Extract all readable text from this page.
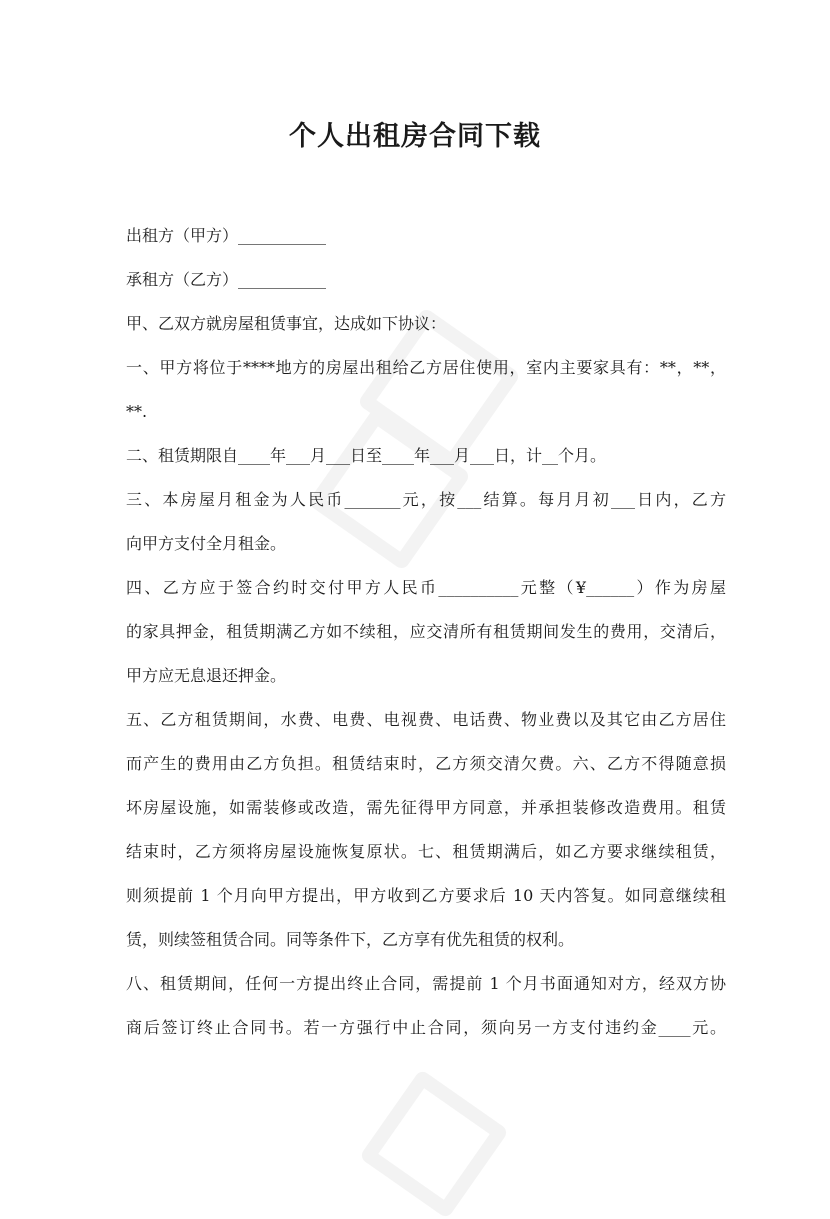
个人出租房合同下载
出租方（甲方）___________
承租方（乙方）___________
甲、乙双方就房屋租赁事宜，达成如下协议：
一、甲方将位于****地方的房屋出租给乙方居住使用，室内主要家具有：**，**，
**.
二、租赁期限自____年___月___日至____年___月___日，计__个月。
三、本房屋月租金为人民币_______元，按___结算。每月月初___日内，乙方
向甲方支付全月租金。
四、乙方应于签合约时交付甲方人民币__________元整（¥______）作为房屋
的家具押金，租赁期满乙方如不续租，应交清所有租赁期间发生的费用，交清后，
甲方应无息退还押金。
五、乙方租赁期间，水费、电费、电视费、电话费、物业费以及其它由乙方居住
而产生的费用由乙方负担。租赁结束时，乙方须交清欠费。六、乙方不得随意损
坏房屋设施，如需装修或改造，需先征得甲方同意，并承担装修改造费用。租赁
结束时，乙方须将房屋设施恢复原状。七、租赁期满后，如乙方要求继续租赁，
则须提前 1 个月向甲方提出，甲方收到乙方要求后 10 天内答复。如同意继续租
赁，则续签租赁合同。同等条件下，乙方享有优先租赁的权利。
八、租赁期间，任何一方提出终止合同，需提前 1 个月书面通知对方，经双方协
商后签订终止合同书。若一方强行中止合同，须向另一方支付违约金____元。
